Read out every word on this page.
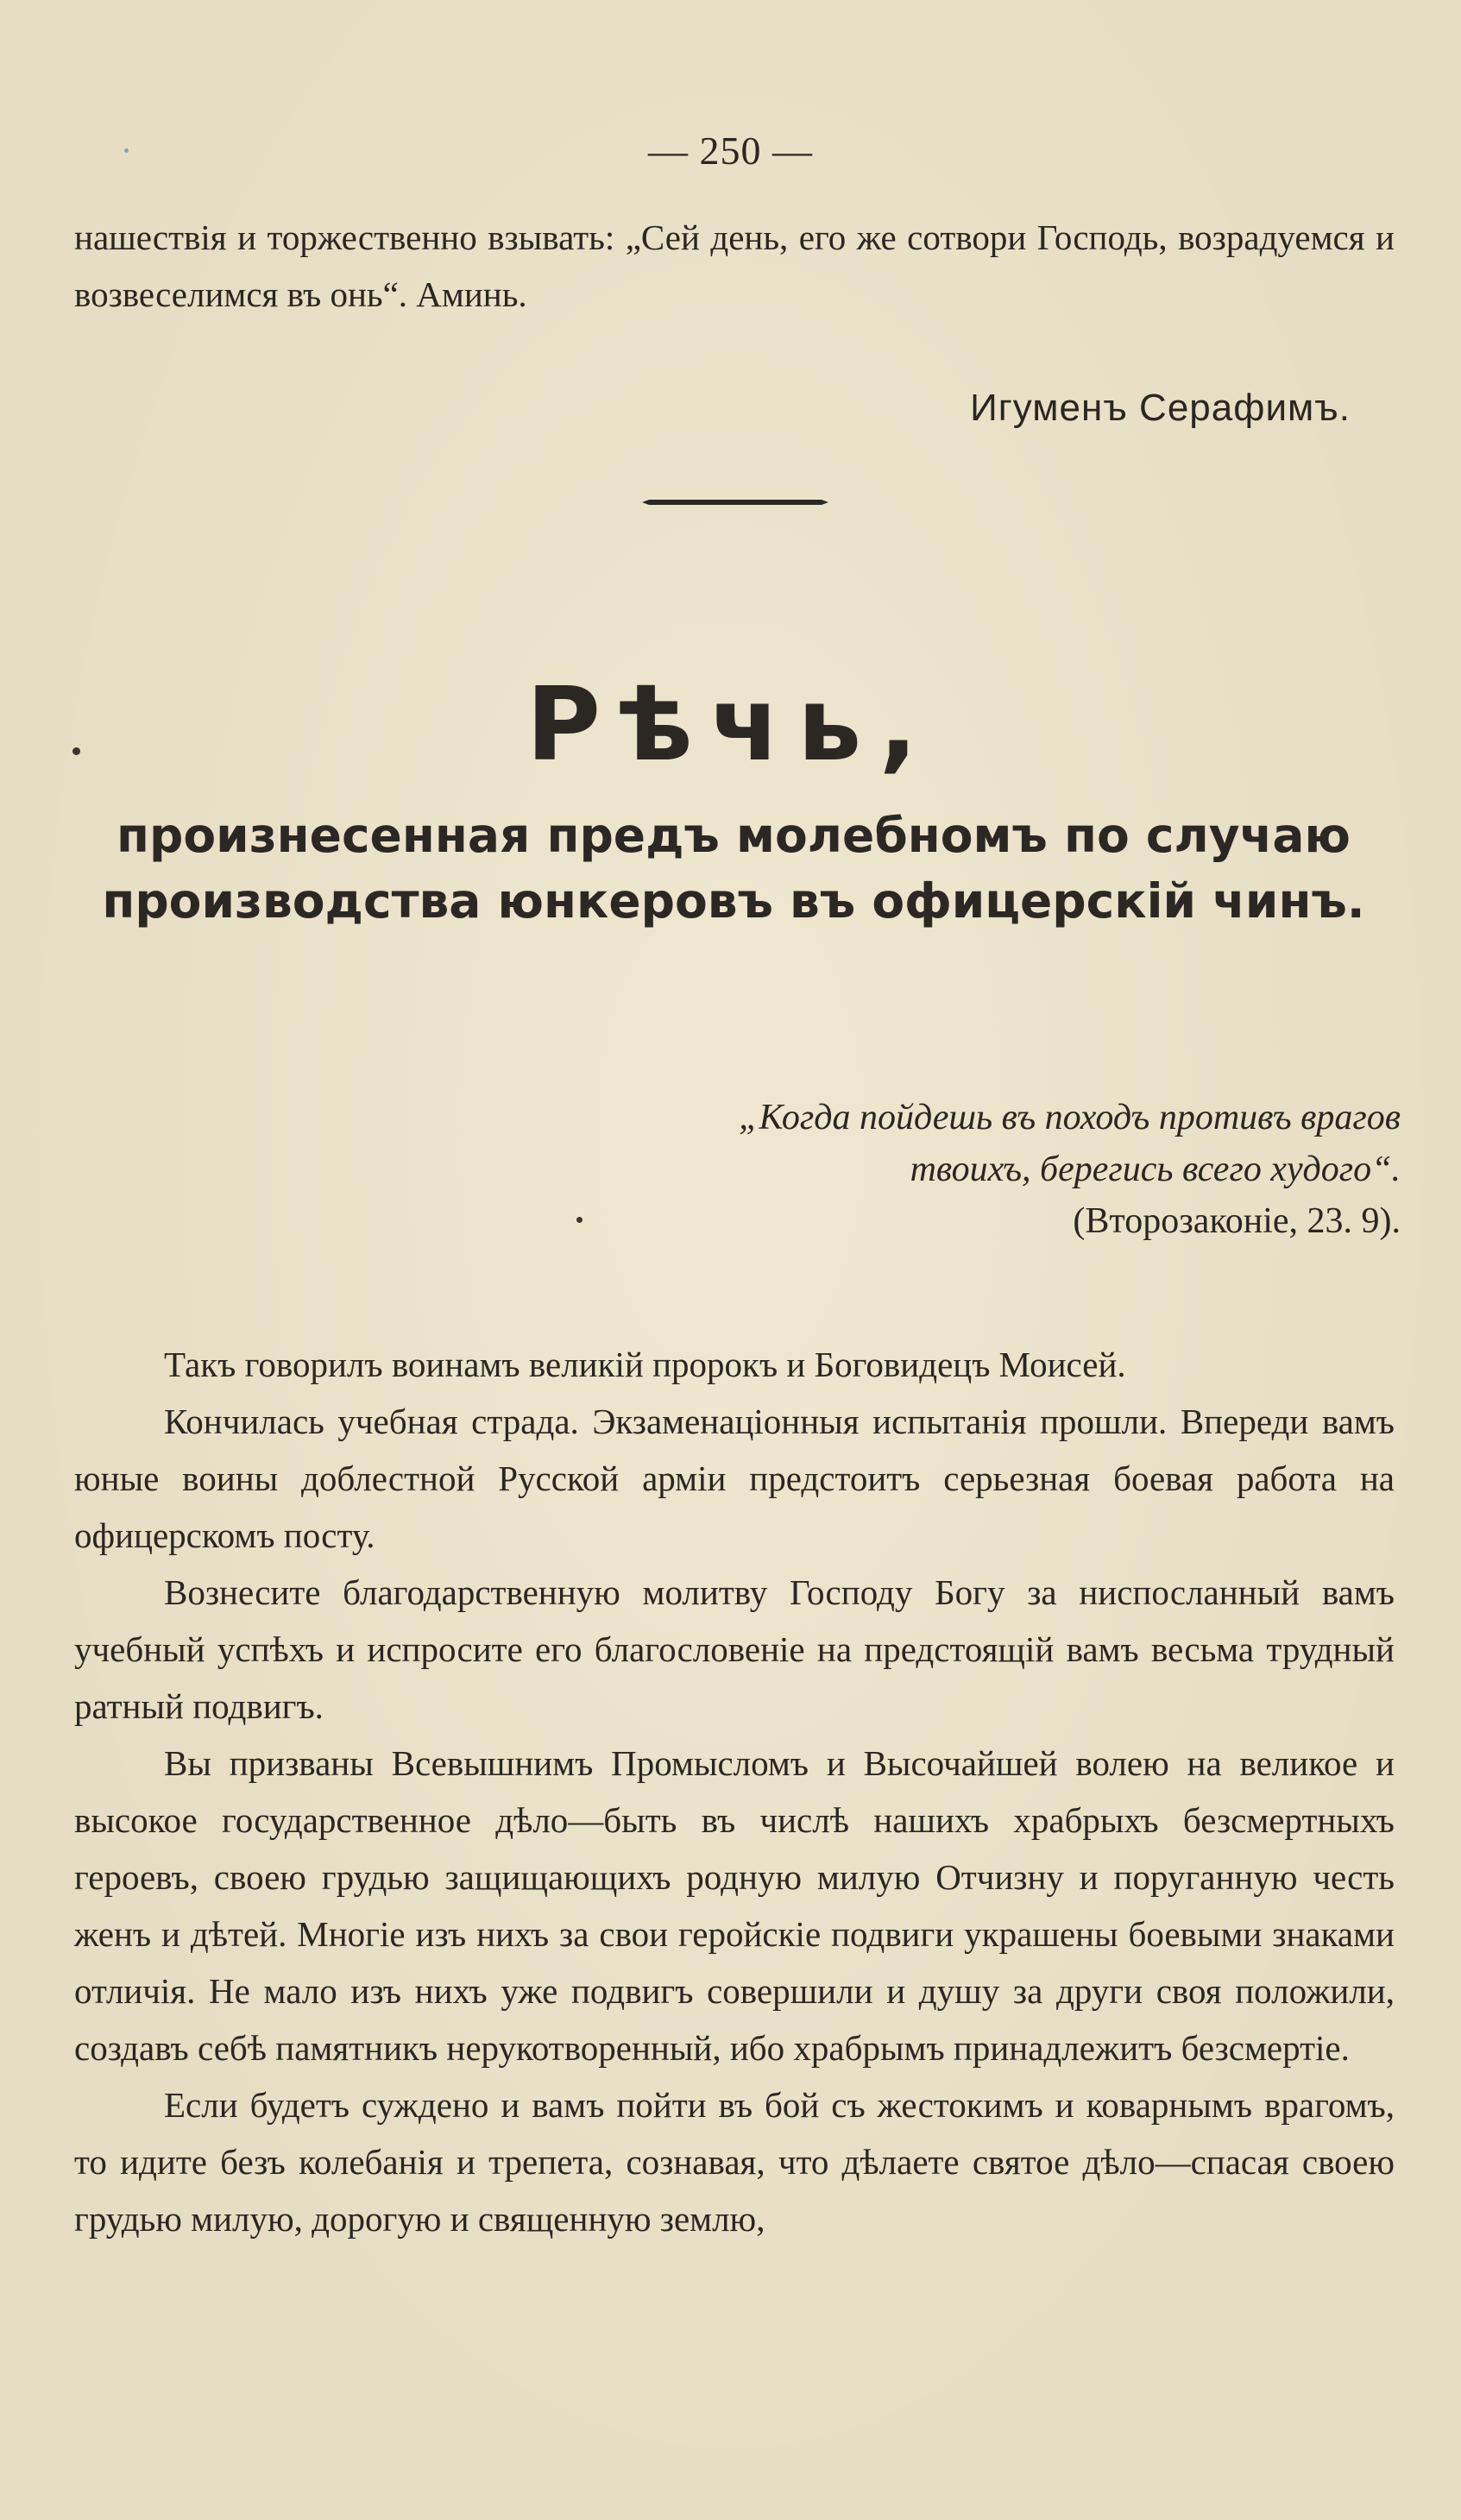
— 250 —
нашествія и торжественно взывать: „Сей день, его же сотвори Господь, возрадуемся и возвеселимся въ онь“. Аминь.
Игуменъ Серафимъ.
Рѣчь,
произнесенная предъ молебномъ по случаю производства юнкеровъ въ офицерскій чинъ.
„Когда пойдешь въ походъ противъ врагов твоихъ, берегись всего худого“.
(Второзаконіе, 23. 9).

Такъ говорилъ воинамъ великій пророкъ и Боговидецъ Моисей.

Кончилась учебная страда. Экзаменаціонныя испытанія прошли. Впереди вамъ юные воины доблестной Русской арміи предстоитъ серьезная боевая работа на офицерскомъ посту.

Вознесите благодарственную молитву Господу Богу за ниспосланный вамъ учебный успѣхъ и испросите его благословеніе на предстоящій вамъ весьма трудный ратный подвигъ.

Вы призваны Всевышнимъ Промысломъ и Высочайшей волею на великое и высокое государственное дѣло—быть въ числѣ нашихъ храбрыхъ безсмертныхъ героевъ, своею грудью защищающихъ родную милую Отчизну и поруганную честь женъ и дѣтей. Многіе изъ нихъ за свои геройскіе подвиги украшены боевыми знаками отличія. Не мало изъ нихъ уже подвигъ совершили и душу за други своя положили, создавъ себѣ памятникъ нерукотворенный, ибо храбрымъ принадлежитъ безсмертіе.

Если будетъ суждено и вамъ пойти въ бой съ жестокимъ и коварнымъ врагомъ, то идите безъ колебанія и трепета, сознавая, что дѣлаете святое дѣло—спасая своею грудью милую, дорогую и священную землю,
